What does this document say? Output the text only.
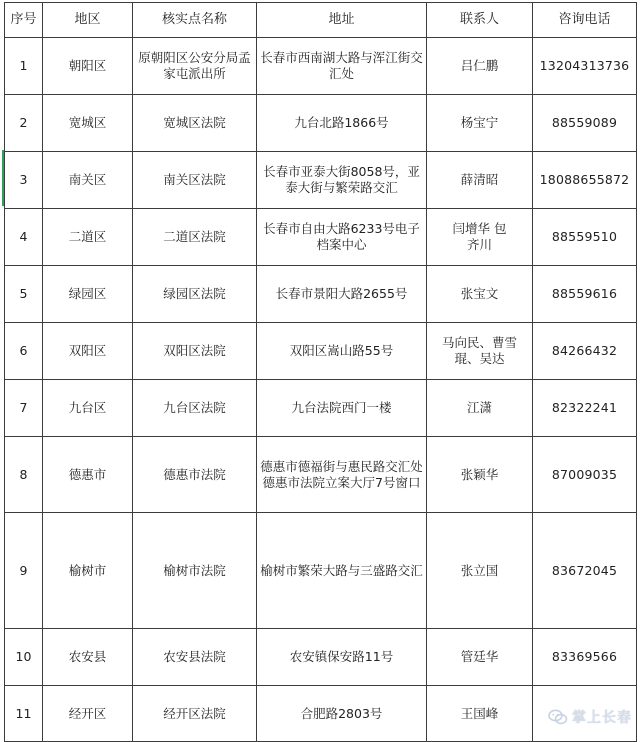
序号	地区	核实点名称	地址	联系人	咨询电话
1	朝阳区	原朝阳区公安分局孟家屯派出所	长春市西南湖大路与浑江街交汇处	吕仁鹏	13204313736
2	宽城区	宽城区法院	九台北路1866号	杨宝宁	88559089
3	南关区	南关区法院	长春市亚泰大街8058号，亚泰大街与繁荣路交汇	薛清昭	18088655872
4	二道区	二道区法院	长春市自由大路6233号电子档案中心	闫增华 包齐川	88559510
5	绿园区	绿园区法院	长春市景阳大路2655号	张宝文	88559616
6	双阳区	双阳区法院	双阳区嵩山路55号	马向民、曹雪琨、吴达	84266432
7	九台区	九台区法院	九台法院西门一楼	江潇	82322241
8	德惠市	德惠市法院	德惠市德福街与惠民路交汇处 德惠市法院立案大厅7号窗口	张颖华	87009035
9	榆树市	榆树市法院	榆树市繁荣大路与三盛路交汇	张立国	83672045
10	农安县	农安县法院	农安镇保安路11号	管廷华	83369566
11	经开区	经开区法院	合肥路2803号	王国峰		掌上长春
